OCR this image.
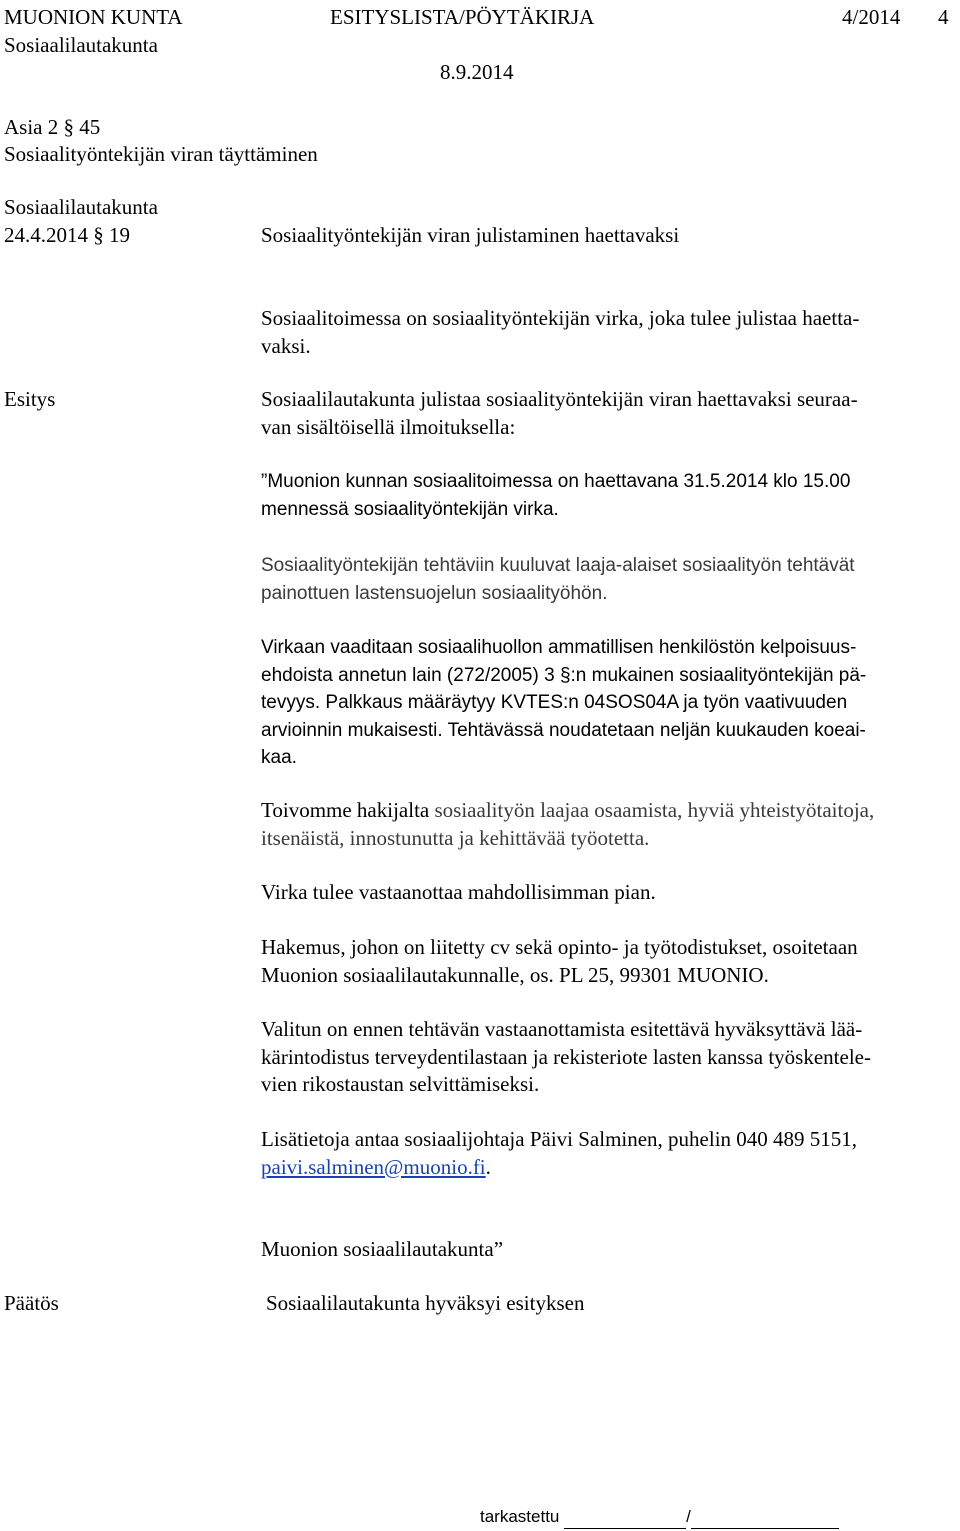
MUONION KUNTA	ESITYSLISTA/PÖYTÄKIRJA	4/2014 4
Sosiaalilautakunta
8.9.2014
Asia 2 § 45
Sosiaalityöntekijän viran täyttäminen
Sosiaalilautakunta
24.4.2014 § 19	Sosiaalityöntekijän viran julistaminen haettavaksi
Sosiaalitoimessa on sosiaalityöntekijän virka, joka tulee julistaa haetta-
vaksi.
Esitys	Sosiaalilautakunta julistaa sosiaalityöntekijän viran haettavaksi seuraa-
van sisältöisellä ilmoituksella:
”Muonion kunnan sosiaalitoimessa on haettavana 31.5.2014 klo 15.00
mennessä sosiaalityöntekijän virka.
Sosiaalityöntekijän tehtäviin kuuluvat laaja-alaiset sosiaalityön tehtävät
painottuen lastensuojelun sosiaalityöhön.
Virkaan vaaditaan sosiaalihuollon ammatillisen henkilöstön kelpoisuus-
ehdoista annetun lain (272/2005) 3 §:n mukainen sosiaalityöntekijän pä-
tevyys. Palkkaus määräytyy KVTES:n 04SOS04A ja työn vaativuuden
arvioinnin mukaisesti. Tehtävässä noudatetaan neljän kuukauden koeai-
kaa.
Toivomme hakijalta sosiaalityön laajaa osaamista, hyviä yhteistyötaitoja,
itsenäistä, innostunutta ja kehittävää työotetta.
Virka tulee vastaanottaa mahdollisimman pian.
Hakemus, johon on liitetty cv sekä opinto- ja työtodistukset, osoitetaan
Muonion sosiaalilautakunnalle, os. PL 25, 99301 MUONIO.
Valitun on ennen tehtävän vastaanottamista esitettävä hyväksyttävä lää-
kärintodistus terveydentilastaan ja rekisteriote lasten kanssa työskentele-
vien rikostaustan selvittämiseksi.
Lisätietoja antaa sosiaalijohtaja Päivi Salminen, puhelin 040 489 5151,
paivi.salminen@muonio.fi.
Muonion sosiaalilautakunta”
Päätös	Sosiaalilautakunta hyväksyi esityksen
tarkastettu	/
